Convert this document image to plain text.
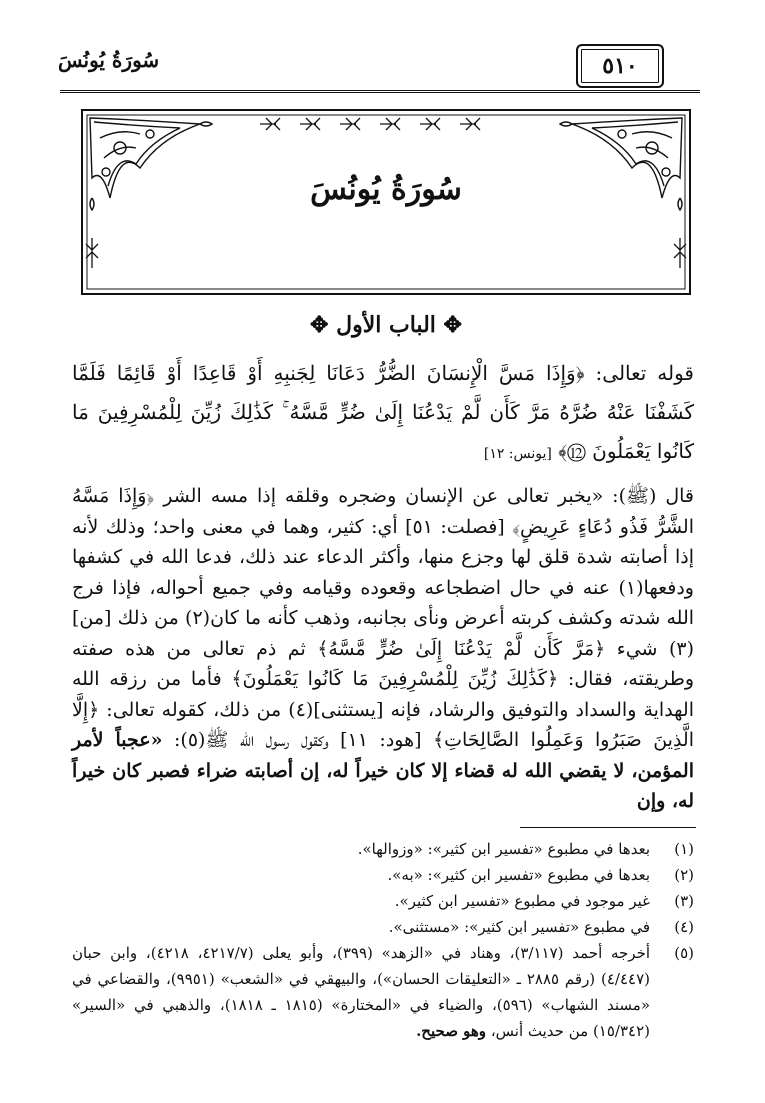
سُورَةُ يُونُسَ	٥١٠
سُورَةُ يُونُسَ
✥ الباب الأول ✥
قوله تعالى: ﴿وَإِذَا مَسَّ الْإِنسَانَ الضُّرُّ دَعَانَا لِجَنبِهِ أَوْ قَاعِدًا أَوْ قَائِمًا فَلَمَّا كَشَفْنَا عَنْهُ ضُرَّهُ مَرَّ كَأَن لَّمْ يَدْعُنَا إِلَىٰ ضُرٍّ مَّسَّهُ ۚ كَذَٰلِكَ زُيِّنَ لِلْمُسْرِفِينَ مَا كَانُوا يَعْمَلُونَ ⑫﴾ [يونس: ١٢]
قال (ﷺ): «يخبر تعالى عن الإنسان وضجره وقلقه إذا مسه الشر ﴿وَإِذَا مَسَّهُ الشَّرُّ فَذُو دُعَاءٍ عَرِيضٍ﴾ [فصلت: ٥١] أي: كثير، وهما في معنى واحد؛ وذلك لأنه إذا أصابته شدة قلق لها وجزع منها، وأكثر الدعاء عند ذلك، فدعا الله في كشفها ودفعها(١) عنه في حال اضطجاعه وقعوده وقيامه وفي جميع أحواله، فإذا فرج الله شدته وكشف كربته أعرض ونأى بجانبه، وذهب كأنه ما كان(٢) من ذلك [من](٣) شيء ﴿مَرَّ كَأَن لَّمْ يَدْعُنَا إِلَىٰ ضُرٍّ مَّسَّهُ﴾ ثم ذم تعالى من هذه صفته وطريقته، فقال: ﴿كَذَٰلِكَ زُيِّنَ لِلْمُسْرِفِينَ مَا كَانُوا يَعْمَلُونَ﴾ فأما من رزقه الله الهداية والسداد والتوفيق والرشاد، فإنه [يستثنى](٤) من ذلك، كقوله تعالى: ﴿إِلَّا الَّذِينَ صَبَرُوا وَعَمِلُوا الصَّالِحَاتِ﴾ [هود: ١١] وكقول رسول الله ﷺ(٥): «عجباً لأمر المؤمن، لا يقضي الله له قضاء إلا كان خيراً له، إن أصابته ضراء فصبر كان خيراً له، وإن
(١)
بعدها في مطبوع «تفسير ابن كثير»: «وزوالها».
(٢)
بعدها في مطبوع «تفسير ابن كثير»: «به».
(٣)
غير موجود في مطبوع «تفسير ابن كثير».
(٤)
في مطبوع «تفسير ابن كثير»: «مستثنى».
(٥)
أخرجه أحمد (٣/١١٧)، وهناد في «الزهد» (٣٩٩)، وأبو يعلى (٤٢١٧/٧، ٤٢١٨)، وابن حبان (٤/٤٤٧) (رقم ٢٨٨٥ ـ «التعليقات الحسان»)، والبيهقي في «الشعب» (٩٩٥١)، والقضاعي في «مسند الشهاب» (٥٩٦)، والضياء في «المختارة» (١٨١٥ ـ ١٨١٨)، والذهبي في «السير» (١٥/٣٤٢) من حديث أنس، وهو صحيح.
